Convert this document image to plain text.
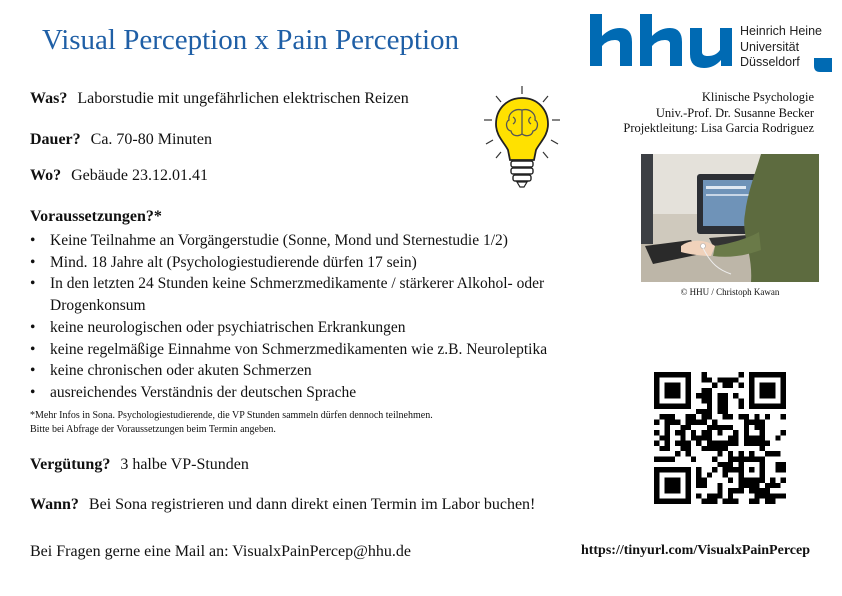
Visual Perception x Pain Perception	Heinrich Heine
Universität
Düsseldorf
Was? Laborstudie mit ungefährlichen elektrischen Reizen
Dauer? Ca. 70-80 Minuten
Wo? Gebäude 23.12.01.41
Klinische Psychologie
Univ.-Prof. Dr. Susanne Becker
Projektleitung: Lisa Garcia Rodriguez
© HHU / Christoph Kawan
Voraussetzungen?*
• Keine Teilnahme an Vorgängerstudie (Sonne, Mond und Sternestudie 1/2)
• Mind. 18 Jahre alt (Psychologiestudierende dürfen 17 sein)
• In den letzten 24 Stunden keine Schmerzmedikamente / stärkerer Alkohol- oder Drogenkonsum
• keine neurologischen oder psychiatrischen Erkrankungen
• keine regelmäßige Einnahme von Schmerzmedikamenten wie z.B. Neuroleptika
• keine chronischen oder akuten Schmerzen
• ausreichendes Verständnis der deutschen Sprache
*Mehr Infos in Sona. Psychologiestudierende, die VP Stunden sammeln dürfen dennoch teilnehmen. Bitte bei Abfrage der Voraussetzungen beim Termin angeben.
Vergütung? 3 halbe VP-Stunden
Wann? Bei Sona registrieren und dann direkt einen Termin im Labor buchen!
Bei Fragen gerne eine Mail an: VisualxPainPercep@hhu.de	https://tinyurl.com/VisualxPainPercep
